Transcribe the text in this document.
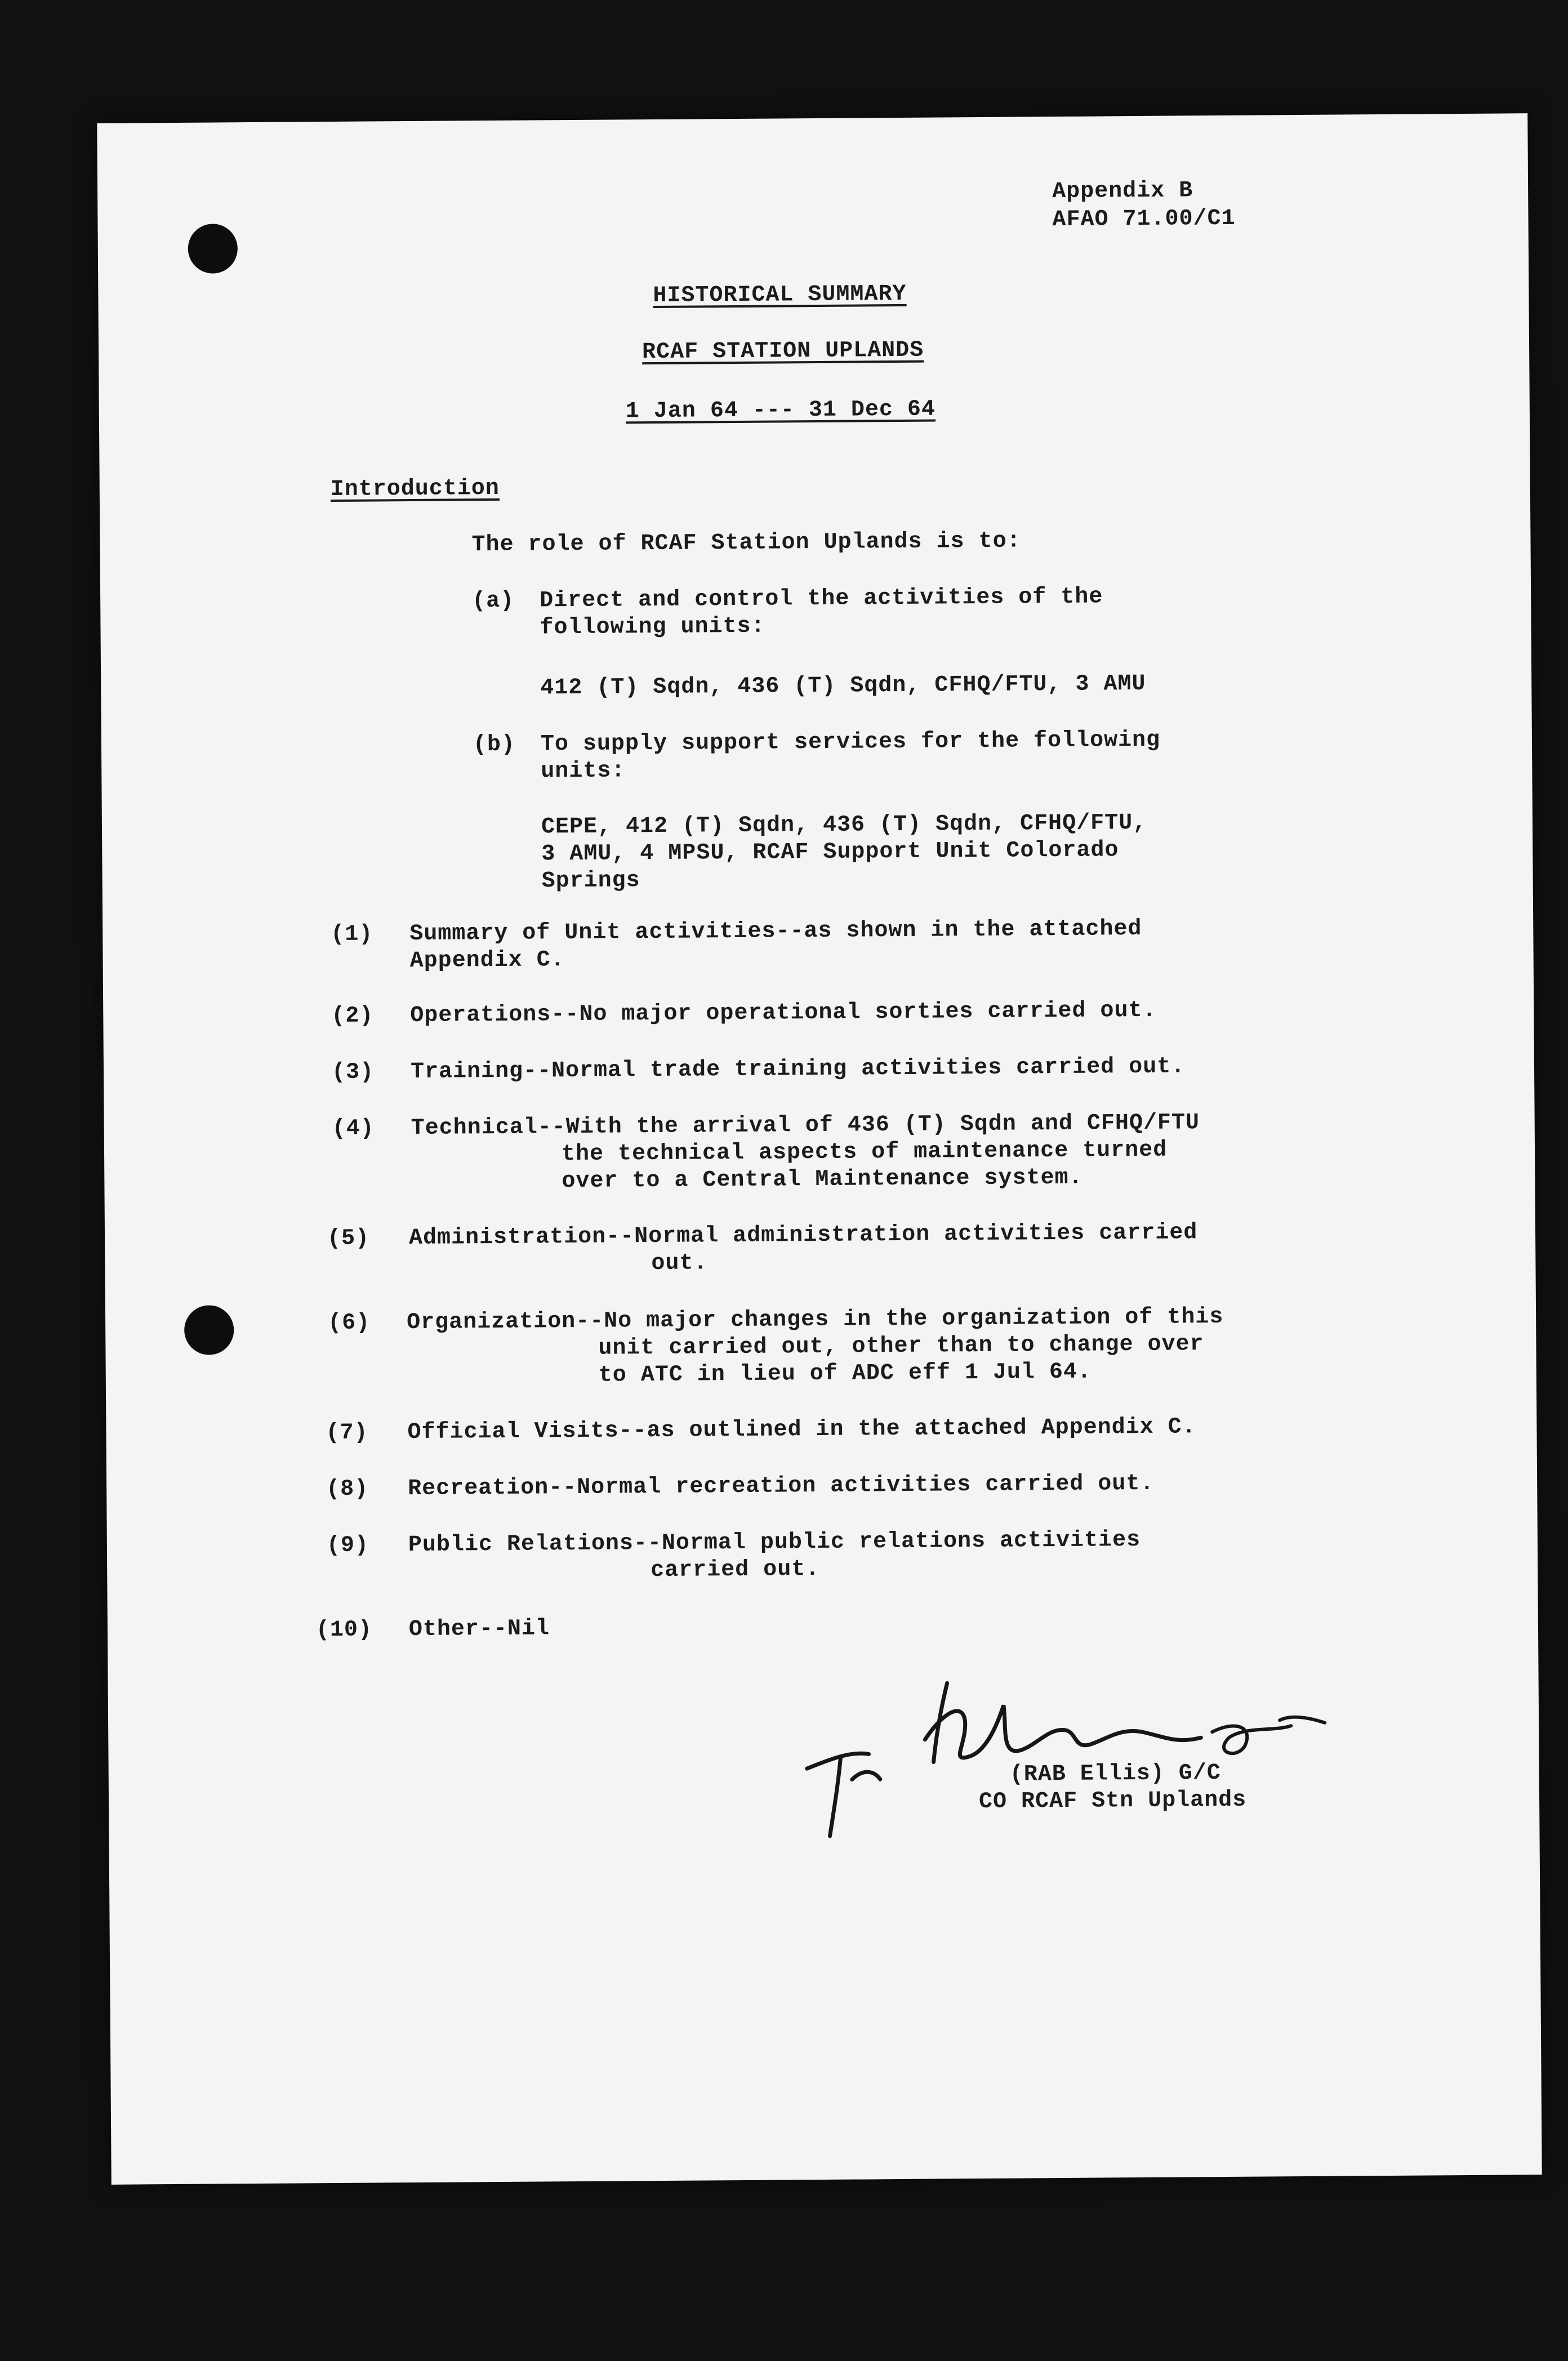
Appendix B
AFAO 71.00/C1
HISTORICAL SUMMARY
RCAF STATION UPLANDS
1 Jan 64 --- 31 Dec 64
Introduction
The role of RCAF Station Uplands is to:
(a) Direct and control the activities of the
following units:
412 (T) Sqdn, 436 (T) Sqdn, CFHQ/FTU, 3 AMU
(b) To supply support services for the following
units:
CEPE, 412 (T) Sqdn, 436 (T) Sqdn, CFHQ/FTU,
3 AMU, 4 MPSU, RCAF Support Unit Colorado
Springs
(1) Summary of Unit activities--as shown in the attached
Appendix C.
(2) Operations--No major operational sorties carried out.
(3) Training--Normal trade training activities carried out.
(4) Technical--With the arrival of 436 (T) Sqdn and CFHQ/FTU
the technical aspects of maintenance turned
over to a Central Maintenance system.
(5) Administration--Normal administration activities carried
out.
(6) Organization--No major changes in the organization of this
unit carried out, other than to change over
to ATC in lieu of ADC eff 1 Jul 64.
(7) Official Visits--as outlined in the attached Appendix C.
(8) Recreation--Normal recreation activities carried out.
(9) Public Relations--Normal public relations activities
carried out.
(10) Other--Nil
(RAB Ellis) G/C
CO RCAF Stn Uplands
